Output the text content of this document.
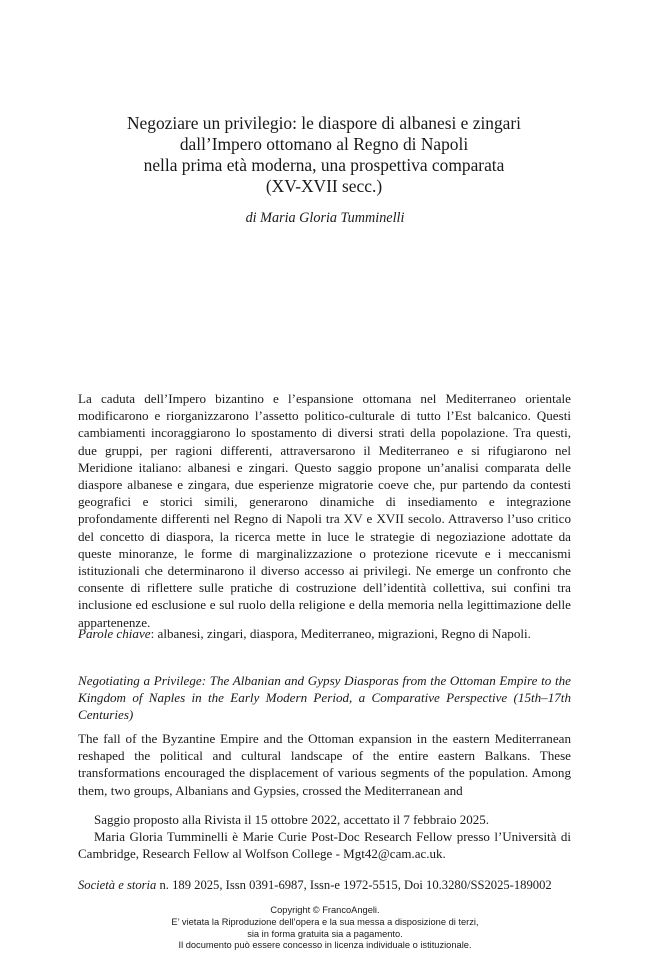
Negoziare un privilegio: le diaspore di albanesi e zingari
dall’Impero ottomano al Regno di Napoli
nella prima età moderna, una prospettiva comparata
(XV-XVII secc.)
di Maria Gloria Tumminelli

La caduta dell’Impero bizantino e l’espansione ottomana nel Mediterraneo orientale modificarono e riorganizzarono l’assetto politico-culturale di tutto l’Est balcanico. Questi cambiamenti incoraggiarono lo spostamento di diversi strati della popolazione. Tra questi, due gruppi, per ragioni differenti, attraversarono il Mediterraneo e si rifugiarono nel Meridione italiano: albanesi e zingari. Questo saggio propone un’analisi comparata delle diaspore albanese e zingara, due esperienze migratorie coeve che, pur partendo da contesti geografici e storici simili, generarono dinamiche di insediamento e integrazione profondamente differenti nel Regno di Napoli tra XV e XVII secolo. Attraverso l’uso critico del concetto di diaspora, la ricerca mette in luce le strategie di negoziazione adottate da queste minoranze, le forme di marginalizzazione o protezione ricevute e i meccanismi istituzionali che determinarono il diverso accesso ai privilegi. Ne emerge un confronto che consente di riflettere sulle pratiche di costruzione dell’identità collettiva, sui confini tra inclusione ed esclusione e sul ruolo della religione e della memoria nella legittimazione delle appartenenze.

Parole chiave: albanesi, zingari, diaspora, Mediterraneo, migrazioni, Regno di Napoli.

Negotiating a Privilege: The Albanian and Gypsy Diasporas from the Ottoman Empire to the Kingdom of Naples in the Early Modern Period, a Comparative Perspective (15th–17th Centuries)

The fall of the Byzantine Empire and the Ottoman expansion in the eastern Mediterranean reshaped the political and cultural landscape of the entire eastern Balkans. These transformations encouraged the displacement of various segments of the population. Among them, two groups, Albanians and Gypsies, crossed the Mediterranean and

Saggio proposto alla Rivista il 15 ottobre 2022, accettato il 7 febbraio 2025.

Maria Gloria Tumminelli è Marie Curie Post-Doc Research Fellow presso l’Università di Cambridge, Research Fellow al Wolfson College - Mgt42@cam.ac.uk.

Società e storia n. 189 2025, Issn 0391-6987, Issn-e 1972-5515, Doi 10.3280/SS2025-189002

Copyright © FrancoAngeli.
E’ vietata la Riproduzione dell’opera e la sua messa a disposizione di terzi,
sia in forma gratuita sia a pagamento.
Il documento può essere concesso in licenza individuale o istituzionale.
